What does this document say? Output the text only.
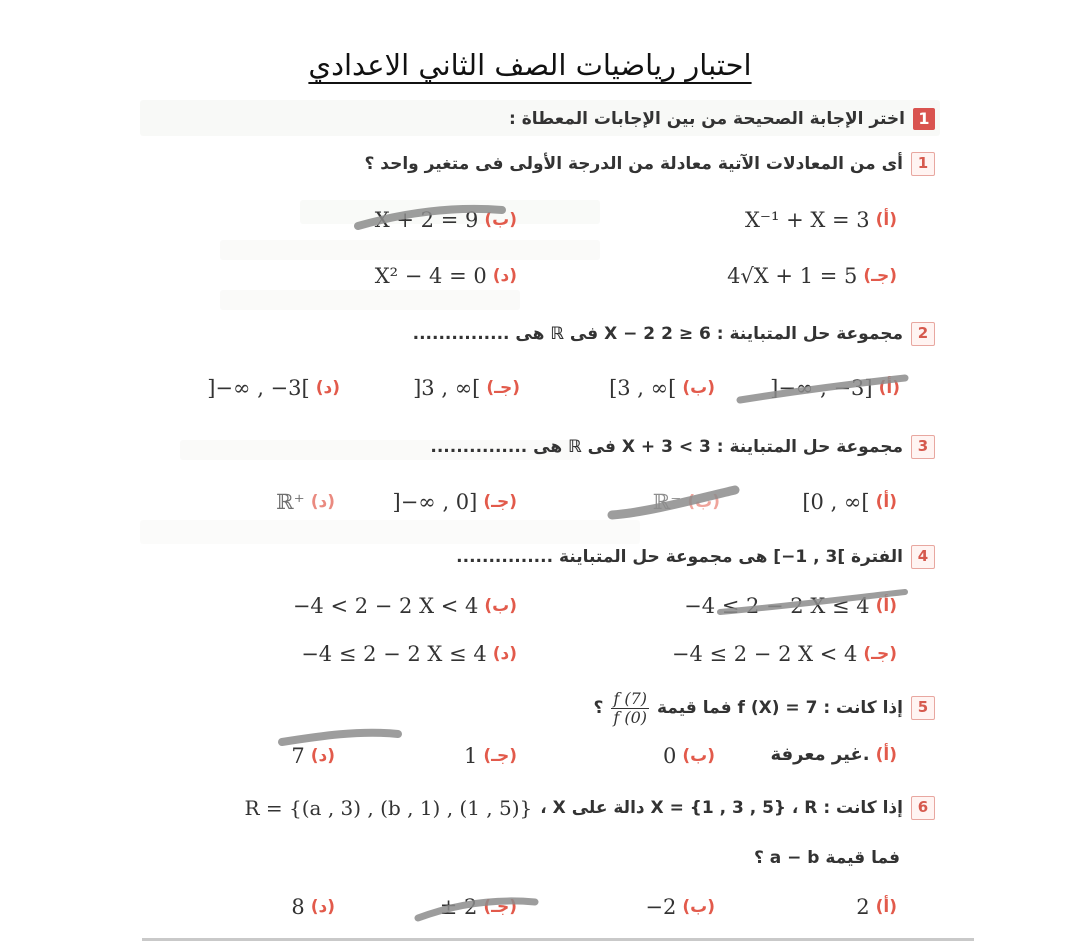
احتبار رياضيات الصف الثاني الاعدادي
1
اختر الإجابة الصحيحة من بين الإجابات المعطاة :
1
أى من المعادلات الآتية معادلة من الدرجة الأولى فى متغير واحد ؟
X⁻¹ + X = 3 (أ)
X + 2 = 9 (ب)
4√X + 1 = 5 (جـ)
X² − 4 = 0 (د)
2
مجموعة حل المتباينة : 6 ≤ 2 X − 2 فى ℝ هى ...............
]−∞ , −3] (أ)
[3 , ∞[ (ب)
]3 , ∞[ (جـ)
]−∞ , −3[ (د)
3
مجموعة حل المتباينة : 3 > 3 + X فى ℝ هى ...............
[0 , ∞[ (أ)
ℝ⁻ (ب)
]−∞ , 0] (جـ)
ℝ⁺ (د)
4
الفترة ]3 , 1−] هى مجموعة حل المتباينة ...............
−4 ≤ 2 − 2 X ≤ 4 (أ)
−4 < 2 − 2 X < 4 (ب)
−4 ≤ 2 − 2 X < 4 (جـ)
−4 ≤ 2 − 2 X ≤ 4 (د)
5
إذا كانت : f (X) = 7 فما قيمة
$\frac{f (7)}{f (0)}$
؟
غير معرفة. (أ)
0 (ب)
1 (جـ)
7 (د)
6
إذا كانت : X = {1 , 3 , 5} ، R دالة على X ،
R = {(a , 3) , (b , 1) , (1 , 5)}
فما قيمة a − b ؟
2 (أ)
−2 (ب)
± 2 (جـ)
8 (د)
